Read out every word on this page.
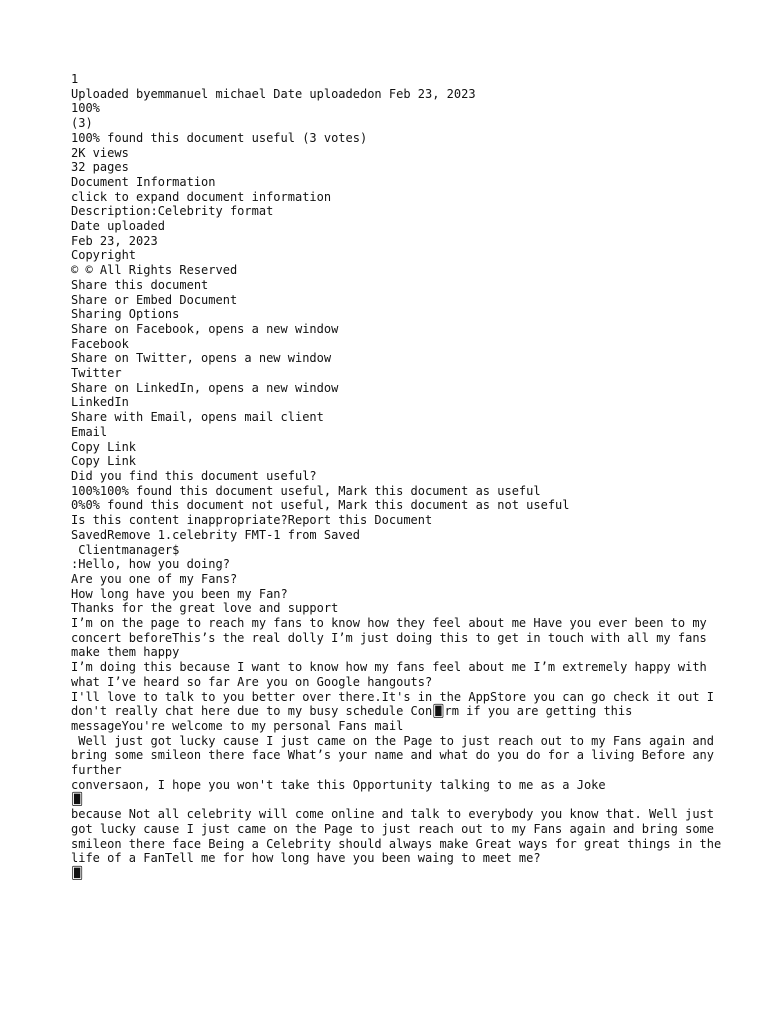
1
Uploaded byemmanuel michael Date uploadedon Feb 23, 2023
100%
(3)
100% found this document useful (3 votes)
2K views
32 pages
Document Information
click to expand document information
Description:Celebrity format
Date uploaded
Feb 23, 2023
Copyright
© © All Rights Reserved
Share this document
Share or Embed Document
Sharing Options
Share on Facebook, opens a new window
Facebook
Share on Twitter, opens a new window
Twitter
Share on LinkedIn, opens a new window
LinkedIn
Share with Email, opens mail client
Email
Copy Link
Copy Link
Did you find this document useful?
100%100% found this document useful, Mark this document as useful
0%0% found this document not useful, Mark this document as not useful
Is this content inappropriate?Report this Document
SavedRemove 1.celebrity FMT-1 from Saved
Clientmanager$
:Hello, how you doing?
Are you one of my Fans?
How long have you been my Fan?
Thanks for the great love and support
I’m on the page to reach my fans to know how they feel about me Have you ever been to my concert beforeThis’s the real dolly I’m just doing this to get in touch with all my fans make them happy
I’m doing this because I want to know how my fans feel about me I’m extremely happy with what I’ve heard so far Are you on Google hangouts?
I'll love to talk to you better over there.It's in the AppStore you can go check it out I don't really chat here due to my busy schedule Con🂠rm if you are getting this
messageYou're welcome to my personal Fans mail
Well just got lucky cause I just came on the Page to just reach out to my Fans again and bring some smileon there face What’s your name and what do you do for a living Before any further
conversaon, I hope you won't take this Opportunity talking to me as a Joke
🂠
because Not all celebrity will come online and talk to everybody you know that. Well just got lucky cause I just came on the Page to just reach out to my Fans again and bring some smileon there face Being a Celebrity should always make Great ways for great things in the life of a FanTell me for how long have you been waing to meet me?
🂠
